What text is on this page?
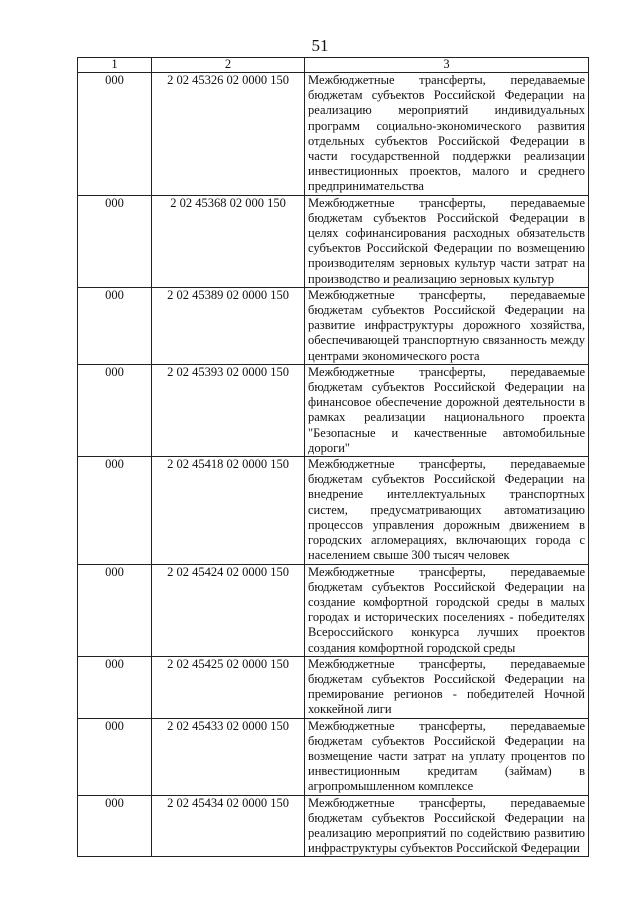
51
1	2	3
000	2 02 45326 02 0000 150	Межбюджетные трансферты, передаваемые бюджетам субъектов Российской Федерации на реализацию мероприятий индивидуальных программ социально-экономического развития отдельных субъектов Российской Федерации в части государственной поддержки реализации инвестиционных проектов, малого и среднего предпринимательства
000	2 02 45368 02 000 150	Межбюджетные трансферты, передаваемые бюджетам субъектов Российской Федерации в целях софинансирования расходных обязательств субъектов Российской Федерации по возмещению производителям зерновых культур части затрат на производство и реализацию зерновых культур
000	2 02 45389 02 0000 150	Межбюджетные трансферты, передаваемые бюджетам субъектов Российской Федерации на развитие инфраструктуры дорожного хозяйства, обеспечивающей транспортную связанность между центрами экономического роста
000	2 02 45393 02 0000 150	Межбюджетные трансферты, передаваемые бюджетам субъектов Российской Федерации на финансовое обеспечение дорожной деятельности в рамках реализации национального проекта "Безопасные и качественные автомобильные дороги"
000	2 02 45418 02 0000 150	Межбюджетные трансферты, передаваемые бюджетам субъектов Российской Федерации на внедрение интеллектуальных транспортных систем, предусматривающих автоматизацию процессов управления дорожным движением в городских агломерациях, включающих города с населением свыше 300 тысяч человек
000	2 02 45424 02 0000 150	Межбюджетные трансферты, передаваемые бюджетам субъектов Российской Федерации на создание комфортной городской среды в малых городах и исторических поселениях - победителях Всероссийского конкурса лучших проектов создания комфортной городской среды
000	2 02 45425 02 0000 150	Межбюджетные трансферты, передаваемые бюджетам субъектов Российской Федерации на премирование регионов - победителей Ночной хоккейной лиги
000	2 02 45433 02 0000 150	Межбюджетные трансферты, передаваемые бюджетам субъектов Российской Федерации на возмещение части затрат на уплату процентов по инвестиционным кредитам (займам) в агропромышленном комплексе
000	2 02 45434 02 0000 150	Межбюджетные трансферты, передаваемые бюджетам субъектов Российской Федерации на реализацию мероприятий по содействию развитию инфраструктуры субъектов Российской Федерации
